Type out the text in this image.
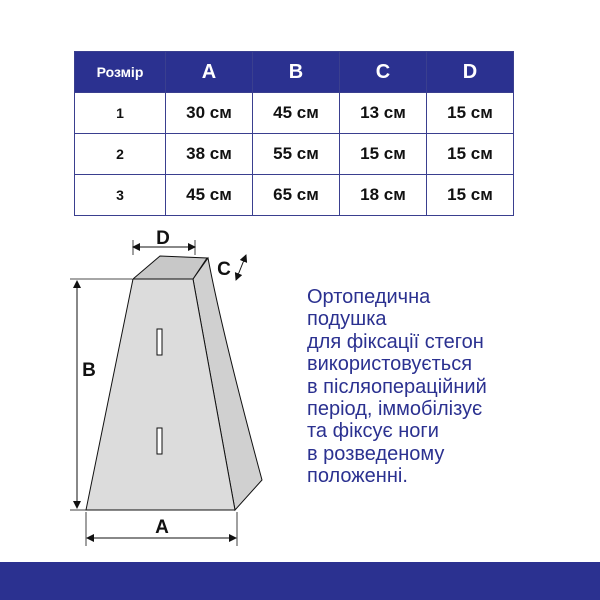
Розмір	A	B	C	D
1	30 см	45 см	13 см	15 см
2	38 см	55 см	15 см	15 см
3	45 см	65 см	18 см	15 см
D
C
B
A

Ортопедична
подушка
для фіксації стегон
використовується
в післяопераційний
період, іммобілізує
та фіксує ноги
в розведеному
положенні.
